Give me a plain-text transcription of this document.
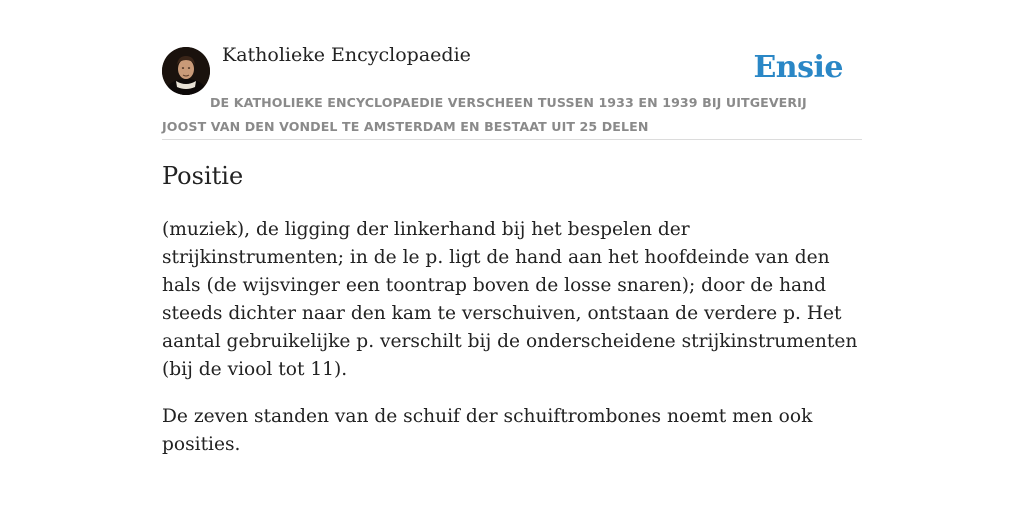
Katholieke Encyclopaedie	Ensie
DE KATHOLIEKE ENCYCLOPAEDIE VERSCHEEN TUSSEN 1933 EN 1939 BIJ UITGEVERIJ JOOST VAN DEN VONDEL TE AMSTERDAM EN BESTAAT UIT 25 DELEN
Positie

(muziek), de ligging der linkerhand bij het bespelen der strijkinstrumenten; in de le p. ligt de hand aan het hoofdeinde van den hals (de wijsvinger een toontrap boven de losse snaren); door de hand steeds dichter naar den kam te verschuiven, ontstaan de verdere p. Het aantal gebruikelijke p. verschilt bij de onderscheidene strijkinstrumenten (bij de viool tot 11).

De zeven standen van de schuif der schuiftrombones noemt men ook posities.
